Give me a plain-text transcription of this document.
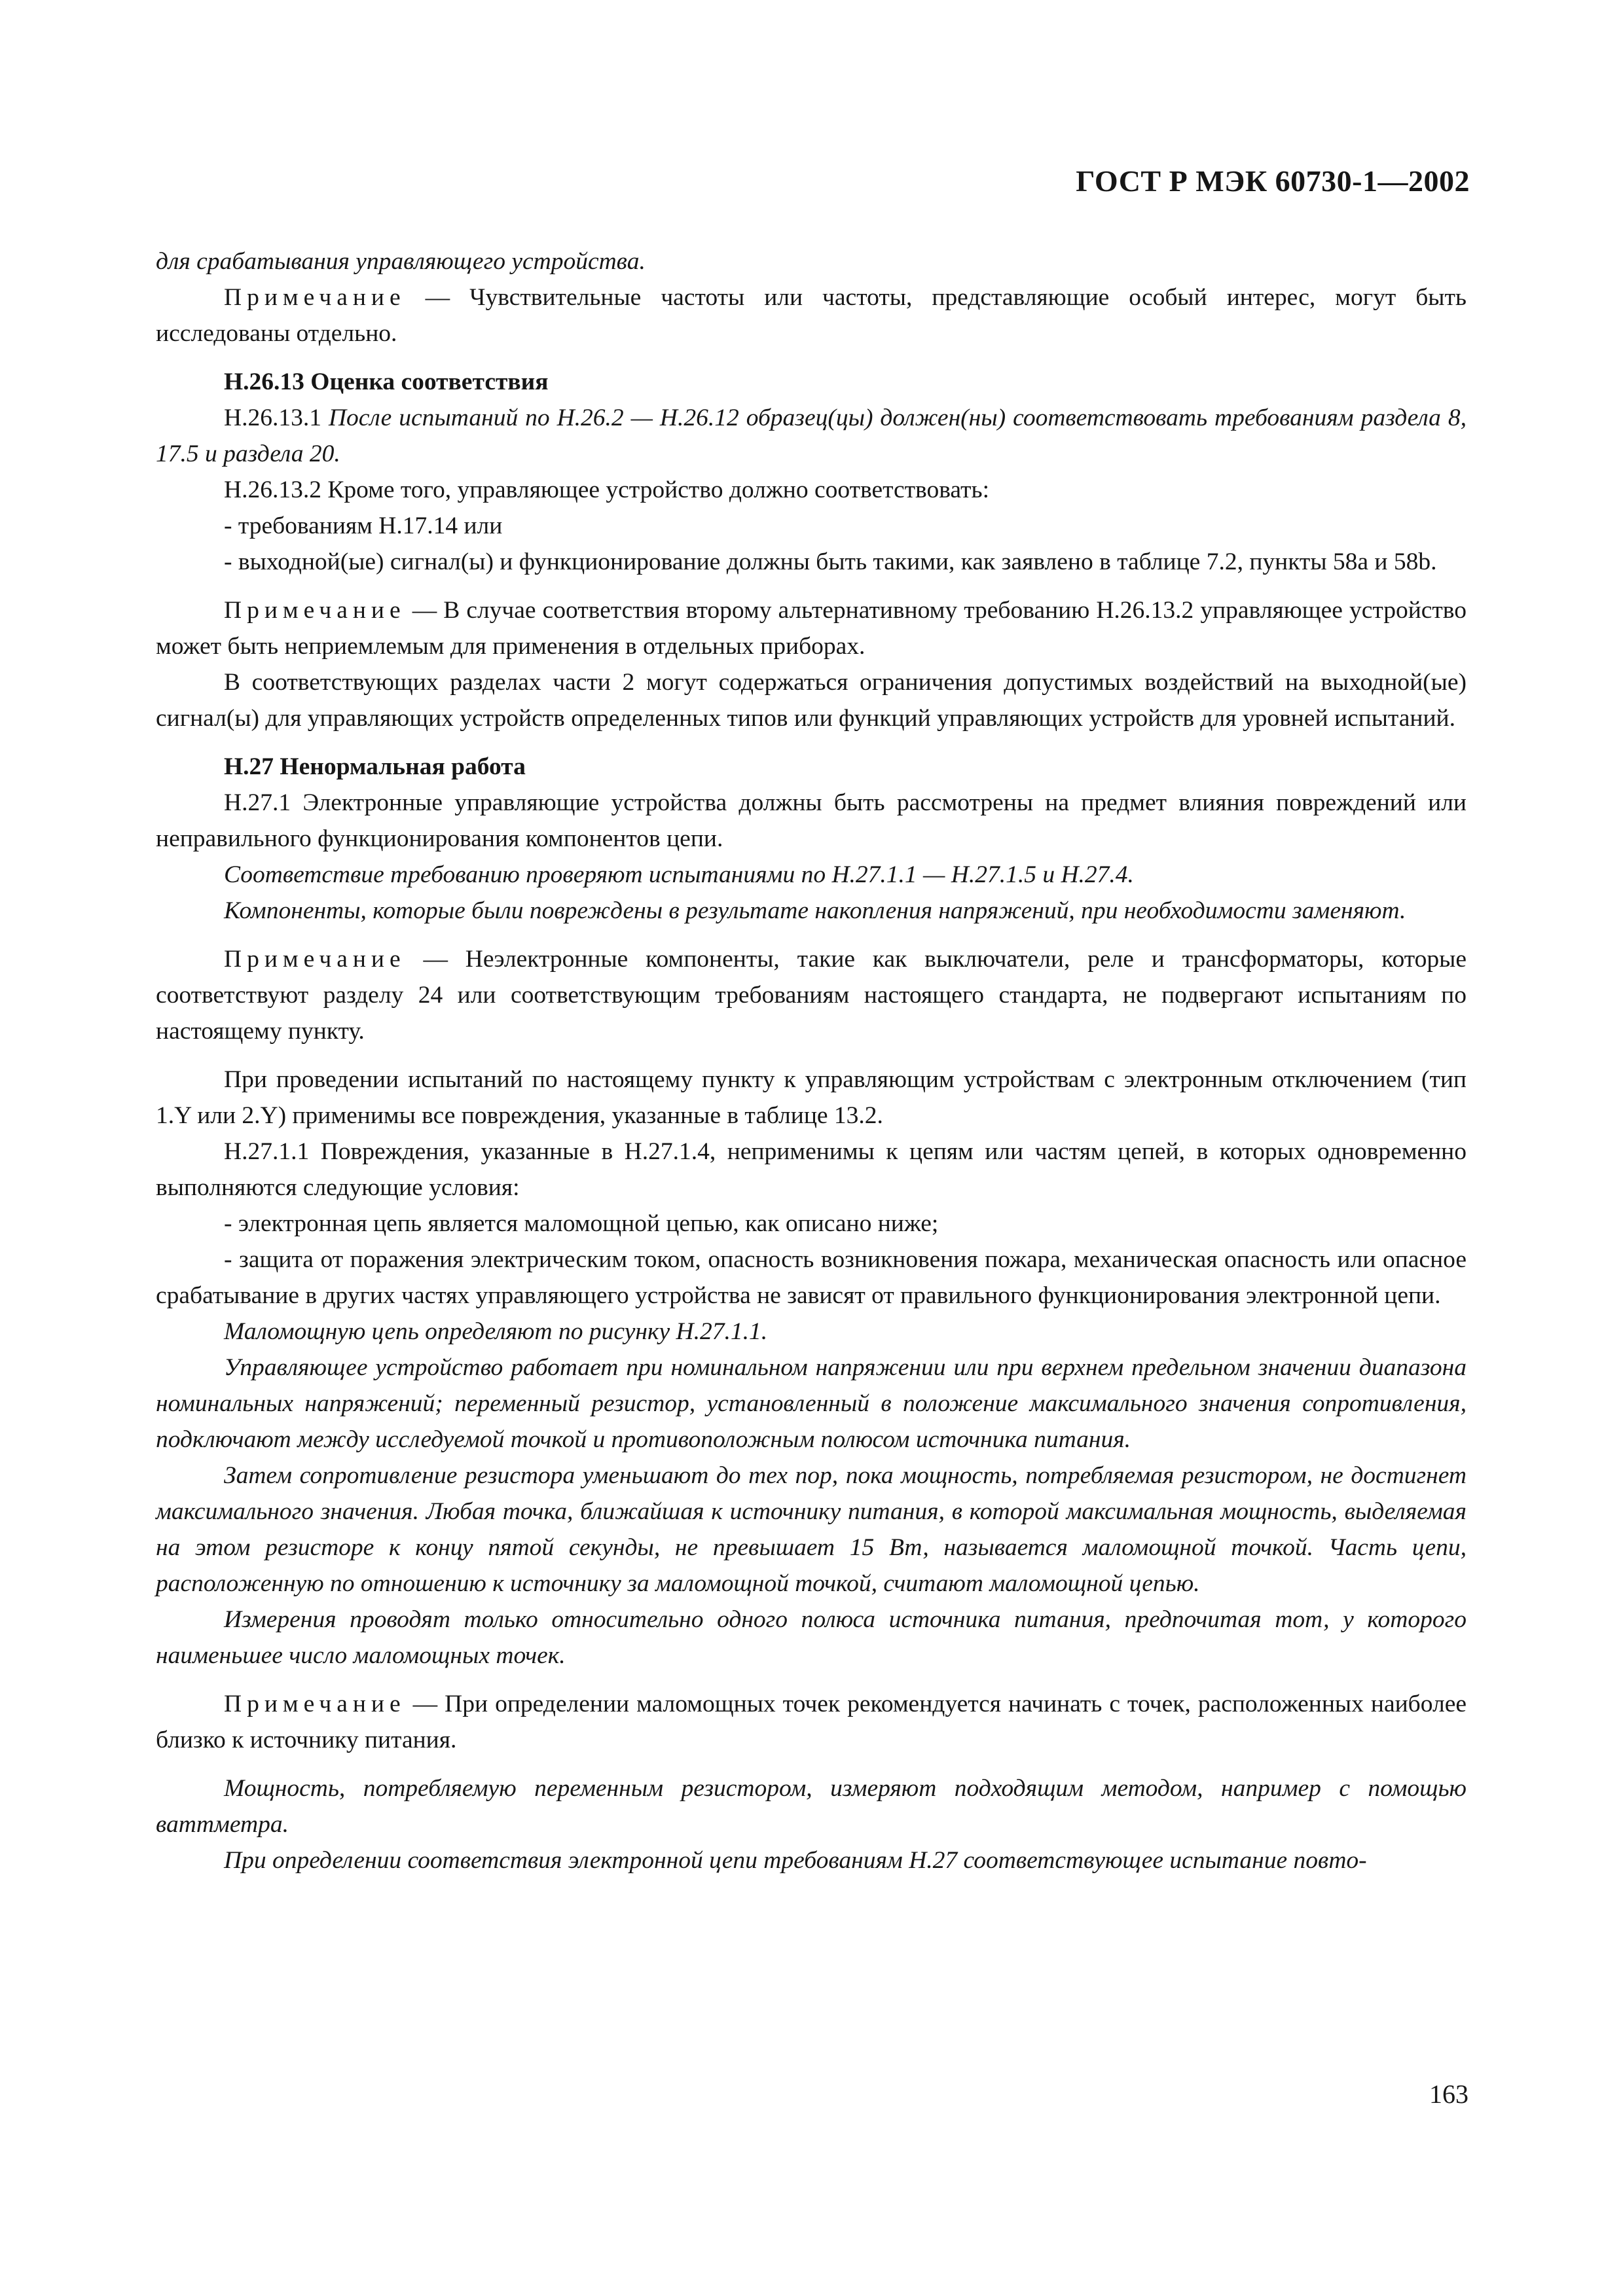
ГОСТ Р МЭК 60730-1—2002

для срабатывания управляющего устройства.

Примечание — Чувствительные частоты или частоты, представляющие особый интерес, могут быть исследованы отдельно.

Н.26.13 Оценка соответствия

Н.26.13.1 После испытаний по Н.26.2 — Н.26.12 образец(цы) должен(ны) соответствовать требованиям раздела 8, 17.5 и раздела 20.

Н.26.13.2 Кроме того, управляющее устройство должно соответствовать:

- требованиям Н.17.14 или

- выходной(ые) сигнал(ы) и функционирование должны быть такими, как заявлено в таблице 7.2, пункты 58а и 58b.

Примечание — В случае соответствия второму альтернативному требованию Н.26.13.2 управляющее устройство может быть неприемлемым для применения в отдельных приборах.

В соответствующих разделах части 2 могут содержаться ограничения допустимых воздействий на выходной(ые) сигнал(ы) для управляющих устройств определенных типов или функций управляющих устройств для уровней испытаний.

Н.27 Ненормальная работа

Н.27.1 Электронные управляющие устройства должны быть рассмотрены на предмет влияния повреждений или неправильного функционирования компонентов цепи.

Соответствие требованию проверяют испытаниями по Н.27.1.1 — Н.27.1.5 и Н.27.4.

Компоненты, которые были повреждены в результате накопления напряжений, при необходимости заменяют.

Примечание — Неэлектронные компоненты, такие как выключатели, реле и трансформаторы, которые соответствуют разделу 24 или соответствующим требованиям настоящего стандарта, не подвергают испытаниям по настоящему пункту.

При проведении испытаний по настоящему пункту к управляющим устройствам с электронным отключением (тип 1.Y или 2.Y) применимы все повреждения, указанные в таблице 13.2.

Н.27.1.1 Повреждения, указанные в Н.27.1.4, неприменимы к цепям или частям цепей, в которых одновременно выполняются следующие условия:

- электронная цепь является маломощной цепью, как описано ниже;

- защита от поражения электрическим током, опасность возникновения пожара, механическая опасность или опасное срабатывание в других частях управляющего устройства не зависят от правильного функционирования электронной цепи.

Маломощную цепь определяют по рисунку Н.27.1.1.

Управляющее устройство работает при номинальном напряжении или при верхнем предельном значении диапазона номинальных напряжений; переменный резистор, установленный в положение максимального значения сопротивления, подключают между исследуемой точкой и противоположным полюсом источника питания.

Затем сопротивление резистора уменьшают до тех пор, пока мощность, потребляемая резистором, не достигнет максимального значения. Любая точка, ближайшая к источнику питания, в которой максимальная мощность, выделяемая на этом резисторе к концу пятой секунды, не превышает 15 Вт, называется маломощной точкой. Часть цепи, расположенную по отношению к источнику за маломощной точкой, считают маломощной цепью.

Измерения проводят только относительно одного полюса источника питания, предпочитая тот, у которого наименьшее число маломощных точек.

Примечание — При определении маломощных точек рекомендуется начинать с точек, расположенных наиболее близко к источнику питания.

Мощность, потребляемую переменным резистором, измеряют подходящим методом, например с помощью ваттметра.

При определении соответствия электронной цепи требованиям Н.27 соответствующее испытание повто-

163
